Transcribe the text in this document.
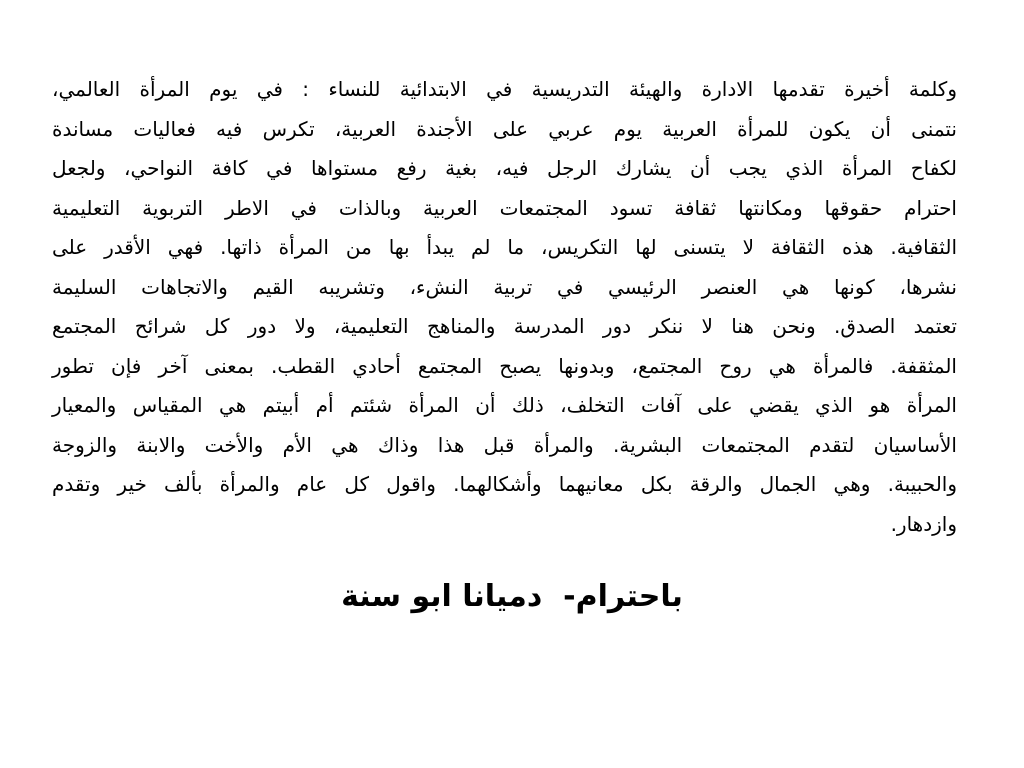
وكلمة أخيرة تقدمها الادارة والهيئة التدريسية في الابتدائية للنساء : في يوم المرأة العالمي،
نتمنى أن يكون للمرأة العربية يوم عربي على الأجندة العربية، تكرس فيه فعاليات مساندة
لكفاح المرأة الذي يجب أن يشارك الرجل فيه، بغية رفع مستواها في كافة النواحي، ولجعل
احترام حقوقها ومكانتها ثقافة تسود المجتمعات العربية وبالذات في الاطر التربوية التعليمية
الثقافية. هذه الثقافة لا يتسنى لها التكريس، ما لم يبدأ بها من المرأة ذاتها. فهي الأقدر على
نشرها، كونها هي العنصر الرئيسي في تربية النشء، وتشريبه القيم والاتجاهات السليمة
تعتمد الصدق. ونحن هنا لا ننكر دور المدرسة والمناهج التعليمية، ولا دور كل شرائح المجتمع
المثقفة. فالمرأة هي روح المجتمع، وبدونها يصبح المجتمع أحادي القطب. بمعنى آخر فإن تطور
المرأة هو الذي يقضي على آفات التخلف، ذلك أن المرأة شئتم أم أبيتم هي المقياس والمعيار
الأساسيان لتقدم المجتمعات البشرية. والمرأة قبل هذا وذاك هي الأم والأخت والابنة والزوجة
والحبيبة. وهي الجمال والرقة بكل معانيهما وأشكالهما. واقول كل عام والمرأة بألف خير وتقدم
وازدهار.
باحترام-  دميانا ابو سنة
